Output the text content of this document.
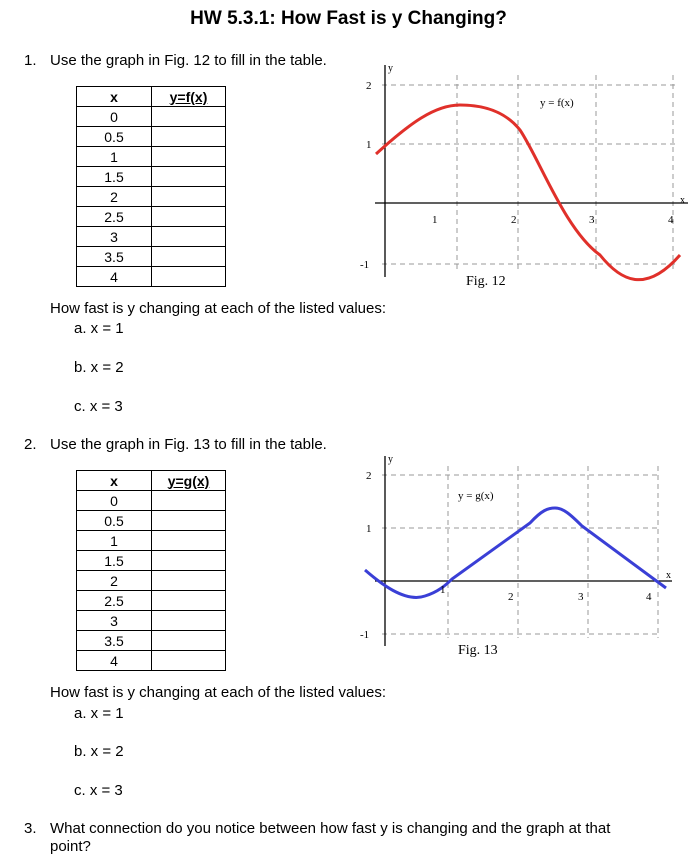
HW 5.3.1: How Fast is y Changing?
1. Use the graph in Fig. 12 to fill in the table.
x	y=f(x)
0	
0.5	
1	
1.5	
2	
2.5	
3	
3.5	
4	
y
x
2
1
-1
1	2	3	4
y = f(x)
Fig. 12
How fast is y changing at each of the listed values:
a. x = 1
b. x = 2
c. x = 3
2. Use the graph in Fig. 13 to fill in the table.
x	y=g(x)
0	
0.5	
1	
1.5	
2	
2.5	
3	
3.5	
4	
y
x
2
1
-1
1
2	3	4
y = g(x)
Fig. 13
How fast is y changing at each of the listed values:
a. x = 1
b. x = 2
c. x = 3
3. What connection do you notice between how fast y is changing and the graph at that
point?
